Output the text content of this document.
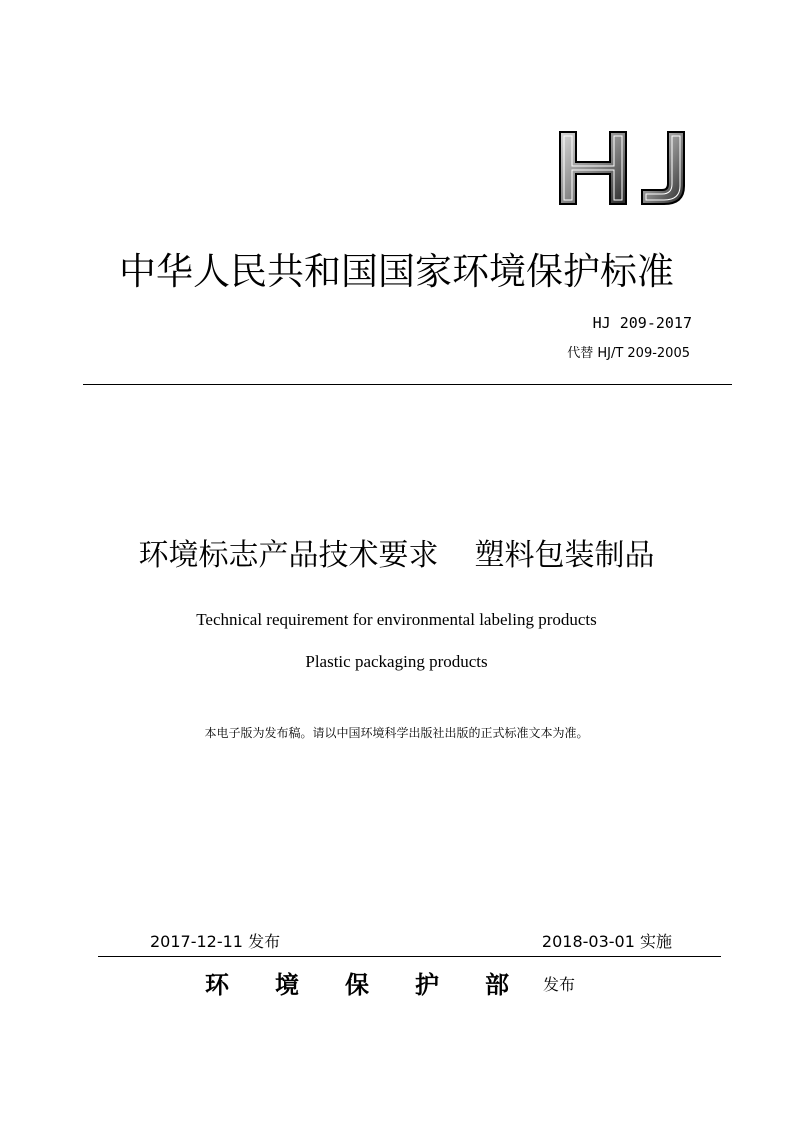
中华人民共和国国家环境保护标准
HJ 209-2017
代替 HJ/T 209-2005
环境标志产品技术要求 塑料包装制品
Technical requirement for environmental labeling products
Plastic packaging products
本电子版为发布稿。请以中国环境科学出版社出版的正式标准文本为准。
2017-12-11 发布	2018-03-01 实施
环 境 保 护 部 发布
